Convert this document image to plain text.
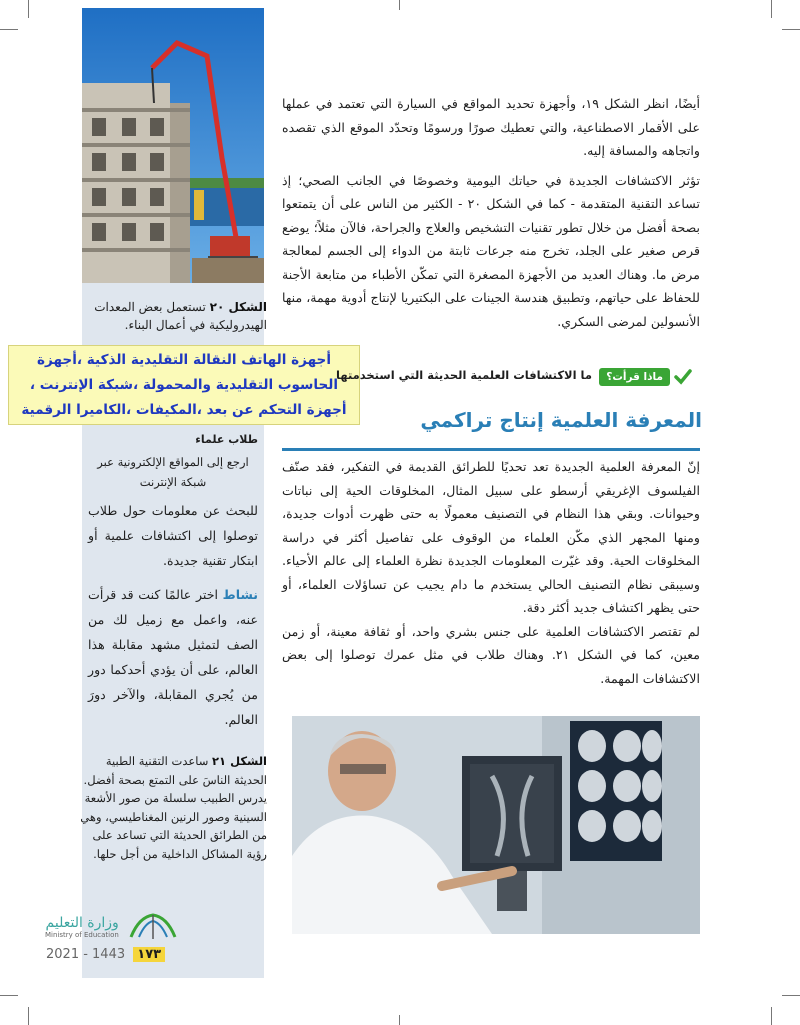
الشكل ٢٠ تستعمل بعض المعدات الهيدروليكية في أعمال البناء.
أجهزة الهاتف النقالة التقليدية الذكية ،أجهزة
الحاسوب التقليدية والمحمولة ،شبكة الإنترنت ،
أجهزة التحكم عن بعد ،المكيفات ،الكاميرا الرقمية

أيضًا، انظر الشكل ١٩، وأجهزة تحديد المواقع في السيارة التي تعتمد في عملها على الأقمار الاصطناعية، والتي تعطيك صورًا ورسومًا وتحدّد الموقع الذي تقصده واتجاهه والمسافة إليه.

تؤثر الاكتشافات الجديدة في حياتك اليومية وخصوصًا في الجانب الصحي؛ إذ تساعد التقنية المتقدمة - كما في الشكل ٢٠ - الكثير من الناس على أن يتمتعوا بصحة أفضل من خلال تطور تقنيات التشخيص والعلاج والجراحة، فالآن مثلاً؛ يوضع قرص صغير على الجلد، تخرج منه جرعات ثابتة من الدواء إلى الجسم لمعالجة مرض ما. وهناك العديد من الأجهزة المصغرة التي تمكّن الأطباء من متابعة الأجنة للحفاظ على حياتهم، وتطبيق هندسة الجينات على البكتيريا لإنتاج أدوية مهمة، منها الأنسولين لمرضى السكري.

ماذا قرأت؟
ما الاكتشافات العلمية الحديثة التي استخدمتها
المعرفة العلمية إنتاج تراكمي

إنّ المعرفة العلمية الجديدة تعد تحديًا للطرائق القديمة في التفكير، فقد صنّف الفيلسوف الإغريقي أرسطو على سبيل المثال، المخلوقات الحية إلى نباتات وحيوانات. وبقي هذا النظام في التصنيف معمولًا به حتى ظهرت أدوات جديدة، ومنها المجهر الذي مكّن العلماء من الوقوف على تفاصيل أكثر في دراسة المخلوقات الحية. وقد غيّرت المعلومات الجديدة نظرة العلماء إلى عالم الأحياء. وسيبقى نظام التصنيف الحالي يستخدم ما دام يجيب عن تساؤلات العلماء، أو حتى يظهر اكتشاف جديد أكثر دقة.

لم تقتصر الاكتشافات العلمية على جنس بشري واحد، أو ثقافة معينة، أو زمن معين، كما في الشكل ٢١. وهناك طلاب في مثل عمرك توصلوا إلى بعض الاكتشافات المهمة.

طلاب علماء
ارجع إلى المواقع الإلكترونية عبر شبكة الإنترنت
للبحث عن معلومات حول طلاب توصلوا إلى اكتشافات علمية أو ابتكار تقنية جديدة.
نشاط اختر عالمًا كنت قد قرأت عنه، واعمل مع زميل لك من الصف لتمثيل مشهد مقابلة هذا العالم، على أن يؤدي أحدكما دور من يُجري المقابلة، والآخر دورَ العالم.
الشكل ٢١ ساعدت التقنية الطبية الحديثة الناسَ على التمتع بصحة أفضل. يدرس الطبيب سلسلة من صور الأشعة السينية وصور الرنين المغناطيسي، وهي من الطرائق الحديثة التي تساعد على رؤية المشاكل الداخلية من أجل حلها.
وزارة التعليم
Ministry of Education
2021 - 1443 ١٧٣
